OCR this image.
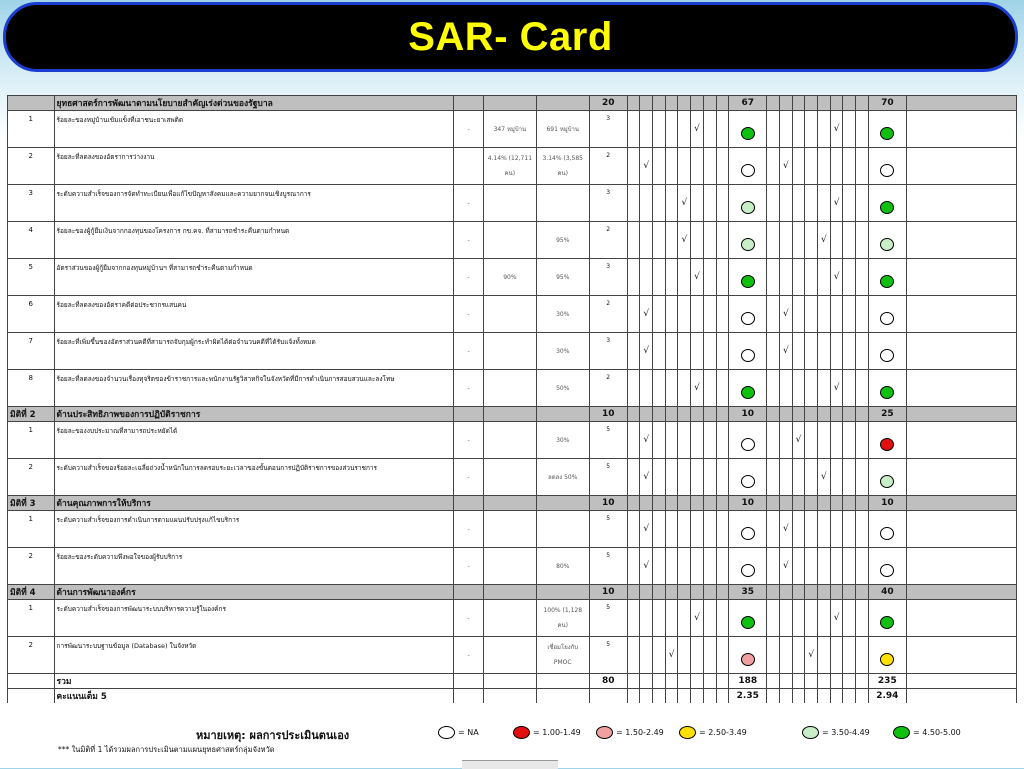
SAR- Card
	ยุทธศาสตร์การพัฒนาตามนโยบายสำคัญเร่งด่วนของรัฐบาล				20									67									70	
1	ร้อยละของหมู่บ้านเข้มแข็งที่เอาชนะยาเสพติด	-	347 หมู่บ้าน	691 หมู่บ้าน	3						√									√				
2	ร้อยละที่ลดลงของอัตราการว่างงาน		4.14% (12,711 คน)	3.14% (3,585 คน)	2		√									√								
3	ระดับความสำเร็จของการจัดทำทะเบียนเพื่อแก้ไขปัญหาสังคมและความยากจนเชิงบูรณาการ	-			3					√										√				
4	ร้อยละของผู้กู้ยืมเงินจากกองทุนของโครงการ กข.คจ. ที่สามารถชำระคืนตามกำหนด	-		95%	2					√									√					
5	อัตราส่วนของผู้กู้ยืมจากกองทุนหมู่บ้านฯ ที่สามารถชำระคืนตามกำหนด	-	90%	95%	3						√									√				
6	ร้อยละที่ลดลงของอัตราคดีต่อประชากรแสนคน	-		30%	2		√									√								
7	ร้อยละที่เพิ่มขึ้นของอัตราส่วนคดีที่สามารถจับกุมผู้กระทำผิดได้ต่อจำนวนคดีที่ได้รับแจ้งทั้งหมด	-		30%	3		√									√								
8	ร้อยละที่ลดลงของจำนวนเรื่องทุจริตของข้าราชการและพนักงานรัฐวิสาหกิจในจังหวัดที่มีการดำเนินการสอบสวนและลงโทษ	-		50%	2						√									√				
มิติที่ 2	ด้านประสิทธิภาพของการปฏิบัติราชการ				10									10									25	
1	ร้อยละของงบประมาณที่สามารถประหยัดได้	-		30%	5		√										√							
2	ระดับความสำเร็จของร้อยละเฉลี่ยถ่วงน้ำหนักในการลดรอบระยะเวลาของขั้นตอนการปฏิบัติราชการของส่วนราชการ	-		ลดลง 50%	5		√												√					
มิติที่ 3	ด้านคุณภาพการให้บริการ				10									10									10	
1	ระดับความสำเร็จของการดำเนินการตามแผนปรับปรุงแก้ไขบริการ	-			5		√									√								
2	ร้อยละของระดับความพึงพอใจของผู้รับบริการ	-		80%	5		√									√								
มิติที่ 4	ด้านการพัฒนาองค์กร				10									35									40	
1	ระดับความสำเร็จของการพัฒนาระบบบริหารความรู้ในองค์กร	-		100% (1,128 คน)	5						√									√				
2	การพัฒนาระบบฐานข้อมูล (Database) ในจังหวัด	-		เชื่อมโยงกับ PMOC	5				√									√						
	รวม				80									188									235	
	คะแนนเต็ม 5													2.35									2.94	
หมายเหตุ: ผลการประเมินตนเอง
*** ในมิติที่ 1 ได้รวมผลการประเมินตามแผนยุทธศาสตร์กลุ่มจังหวัด
= NA	= 1.00-1.49	= 1.50-2.49	= 2.50-3.49	= 3.50-4.49	= 4.50-5.00
